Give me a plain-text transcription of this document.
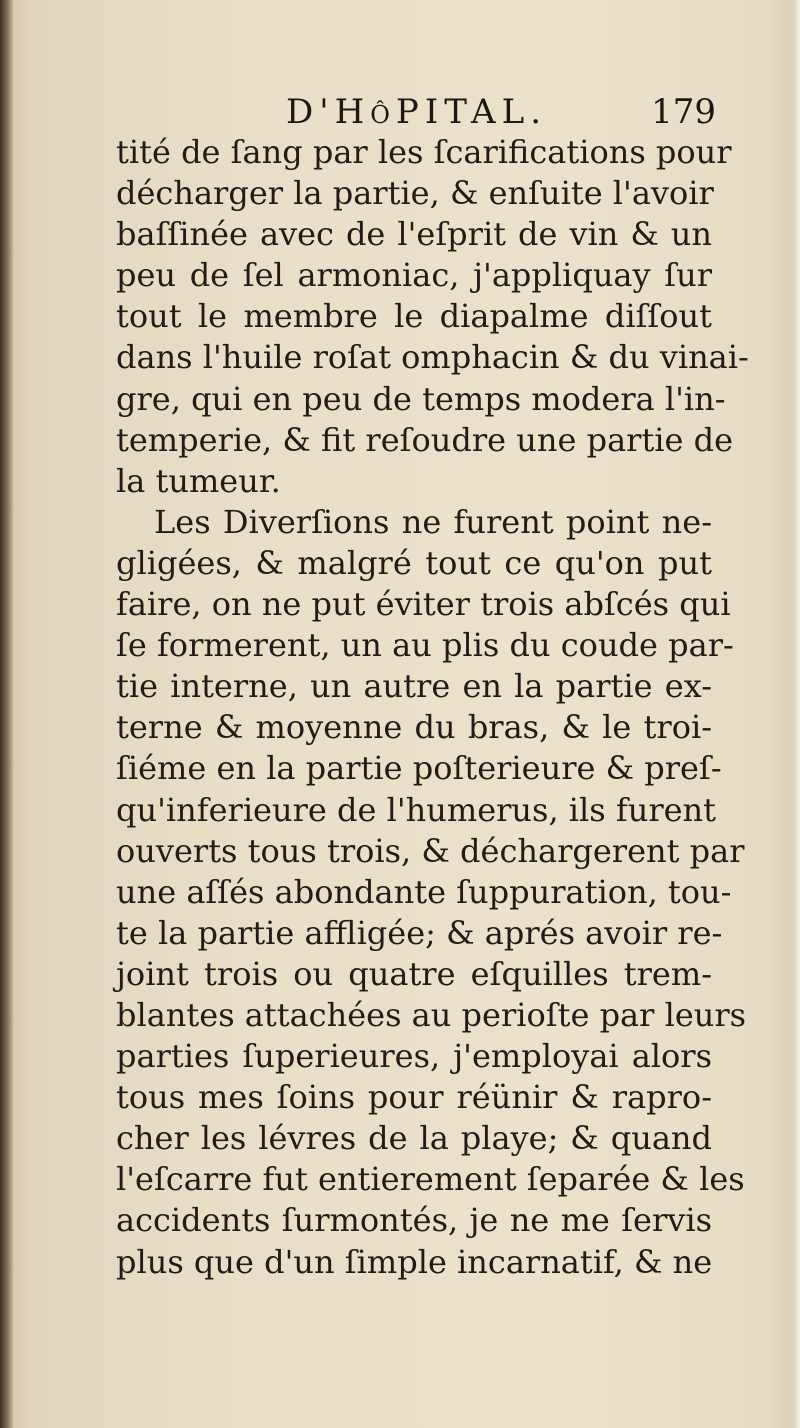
D'HôPITAL.	179
tité de ſang par les ſcarifications pour
décharger la partie, & enſuite l'avoir
baſſinée avec de l'eſprit de vin & un
peu de ſel armoniac, j'appliquay ſur
tout le membre le diapalme diſſout
dans l'huile roſat omphacin & du vinai-
gre, qui en peu de temps modera l'in-
temperie, & fit reſoudre une partie de
la tumeur.
Les Diverſions ne furent point ne-
gligées, & malgré tout ce qu'on put
faire, on ne put éviter trois abſcés qui
ſe formerent, un au plis du coude par-
tie interne, un autre en la partie ex-
terne & moyenne du bras, & le troi-
ſiéme en la partie poſterieure & preſ-
qu'inferieure de l'humerus, ils furent
ouverts tous trois, & déchargerent par
une aſſés abondante ſuppuration, tou-
te la partie affligée; & aprés avoir re-
joint trois ou quatre eſquilles trem-
blantes attachées au perioſte par leurs
parties ſuperieures, j'employai alors
tous mes ſoins pour réünir & rapro-
cher les lévres de la playe; & quand
l'eſcarre fut entierement ſeparée & les
accidents ſurmontés, je ne me ſervis
plus que d'un ſimple incarnatif, & ne
